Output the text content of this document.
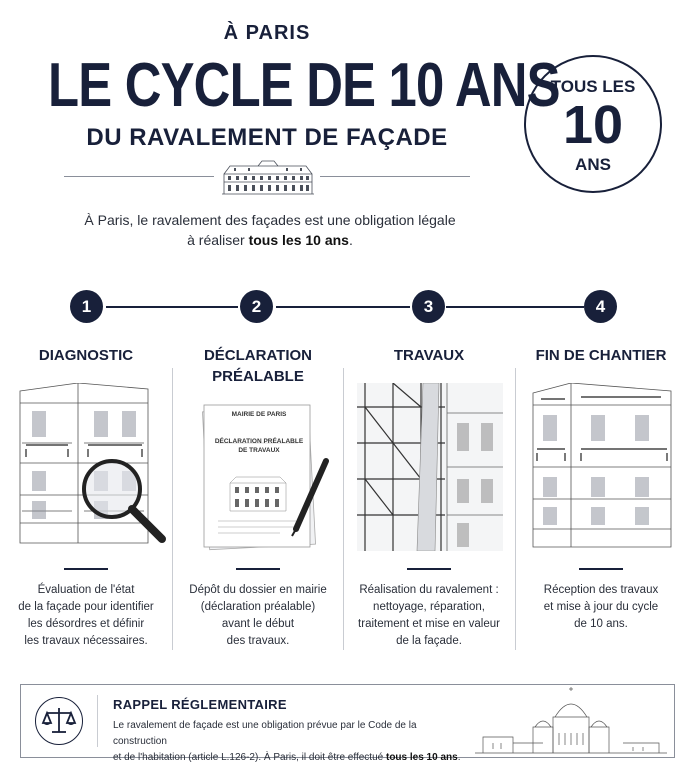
À PARIS
LE CYCLE DE 10 ANS
DU RAVALEMENT DE FAÇADE
À Paris, le ravalement des façades est une obligation légale
à réaliser tous les 10 ans.
TOUS LES
10
ANS
1	2	3	4
DIAGNOSTIC
Évaluation de l'état
de la façade pour identifier
les désordres et définir
les travaux nécessaires.
DÉCLARATION
PRÉALABLE
MAIRIE DE PARIS
DÉCLARATION PRÉALABLE
DE TRAVAUX
Dépôt du dossier en mairie
(déclaration préalable)
avant le début
des travaux.
TRAVAUX
Réalisation du ravalement :
nettoyage, réparation,
traitement et mise en valeur
de la façade.
FIN DE CHANTIER
Réception des travaux
et mise à jour du cycle
de 10 ans.
RAPPEL RÉGLEMENTAIRE
Le ravalement de façade est une obligation prévue par le Code de la construction
et de l'habitation (article L.126-2). À Paris, il doit être effectué tous les 10 ans.
